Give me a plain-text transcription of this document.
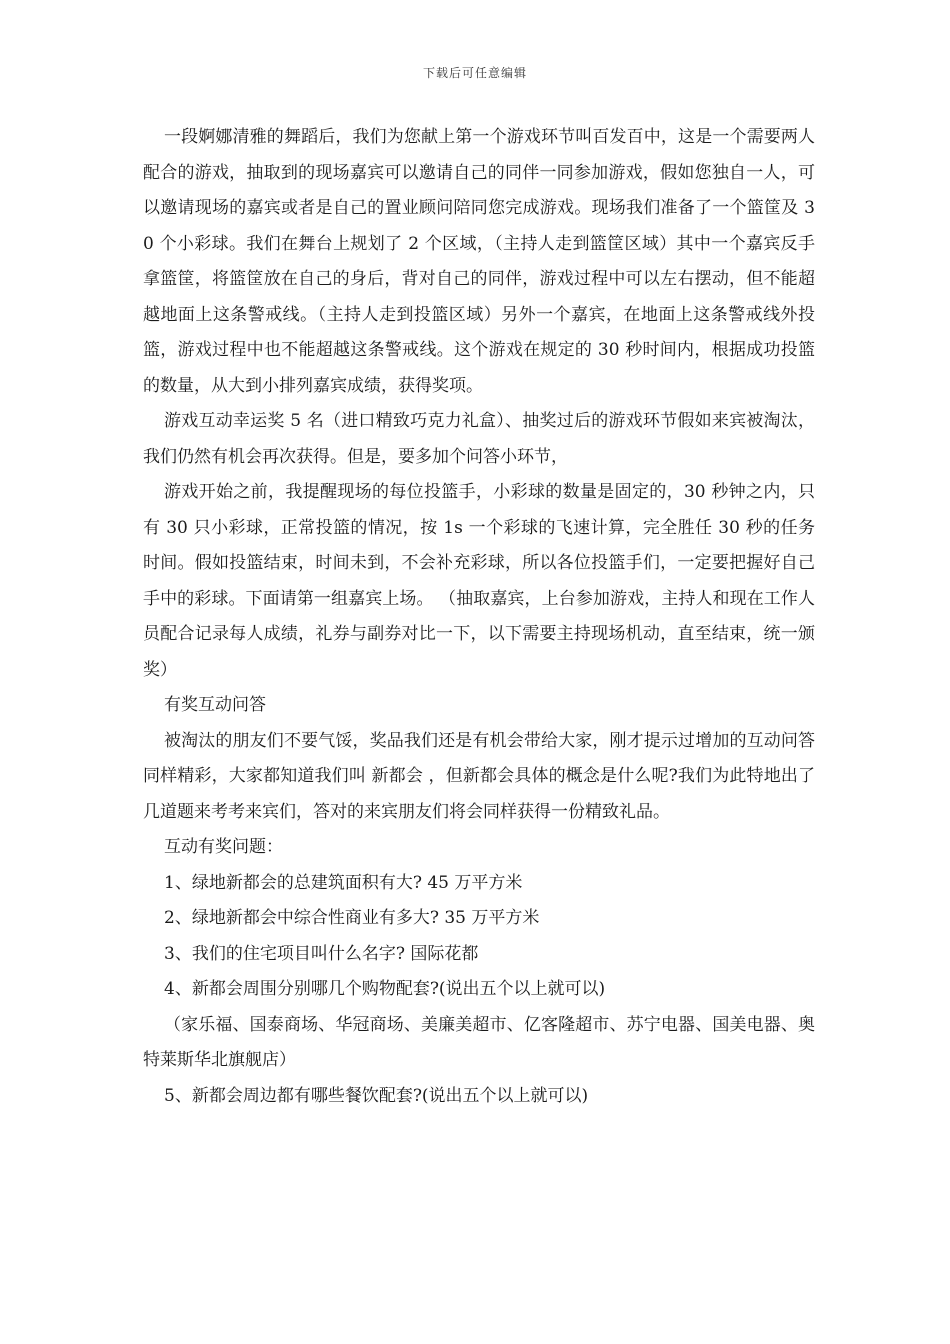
下载后可任意编辑

一段婀娜清雅的舞蹈后，我们为您献上第一个游戏环节叫百发百中，这是一个需要两人配合的游戏，抽取到的现场嘉宾可以邀请自己的同伴一同参加游戏，假如您独自一人，可以邀请现场的嘉宾或者是自己的置业顾问陪同您完成游戏。现场我们准备了一个篮筐及 30 个小彩球。我们在舞台上规划了 2 个区域，（主持人走到篮筐区域）其中一个嘉宾反手拿篮筐，将篮筐放在自己的身后，背对自己的同伴，游戏过程中可以左右摆动，但不能超越地面上这条警戒线。（主持人走到投篮区域）另外一个嘉宾，在地面上这条警戒线外投篮，游戏过程中也不能超越这条警戒线。这个游戏在规定的 30 秒时间内，根据成功投篮的数量，从大到小排列嘉宾成绩，获得奖项。

游戏互动幸运奖 5 名（进口精致巧克力礼盒）、抽奖过后的游戏环节假如来宾被淘汰，我们仍然有机会再次获得。但是，要多加个问答小环节，

游戏开始之前，我提醒现场的每位投篮手，小彩球的数量是固定的，30 秒钟之内，只有 30 只小彩球，正常投篮的情况，按 1s 一个彩球的飞速计算，完全胜任 30 秒的任务时间。假如投篮结束，时间未到，不会补充彩球，所以各位投篮手们，一定要把握好自己手中的彩球。下面请第一组嘉宾上场。 （抽取嘉宾，上台参加游戏，主持人和现在工作人员配合记录每人成绩，礼券与副券对比一下，以下需要主持现场机动，直至结束，统一颁奖）

有奖互动问答

被淘汰的朋友们不要气馁，奖品我们还是有机会带给大家，刚才提示过增加的互动问答同样精彩，大家都知道我们叫 新都会 ，但新都会具体的概念是什么呢?我们为此特地出了几道题来考考来宾们，答对的来宾朋友们将会同样获得一份精致礼品。

互动有奖问题：

1、绿地新都会的总建筑面积有大? 45 万平方米

2、绿地新都会中综合性商业有多大? 35 万平方米

3、我们的住宅项目叫什么名字? 国际花都

4、新都会周围分别哪几个购物配套?(说出五个以上就可以)

（家乐福、国泰商场、华冠商场、美廉美超市、亿客隆超市、苏宁电器、国美电器、奥特莱斯华北旗舰店）

5、新都会周边都有哪些餐饮配套?(说出五个以上就可以)
